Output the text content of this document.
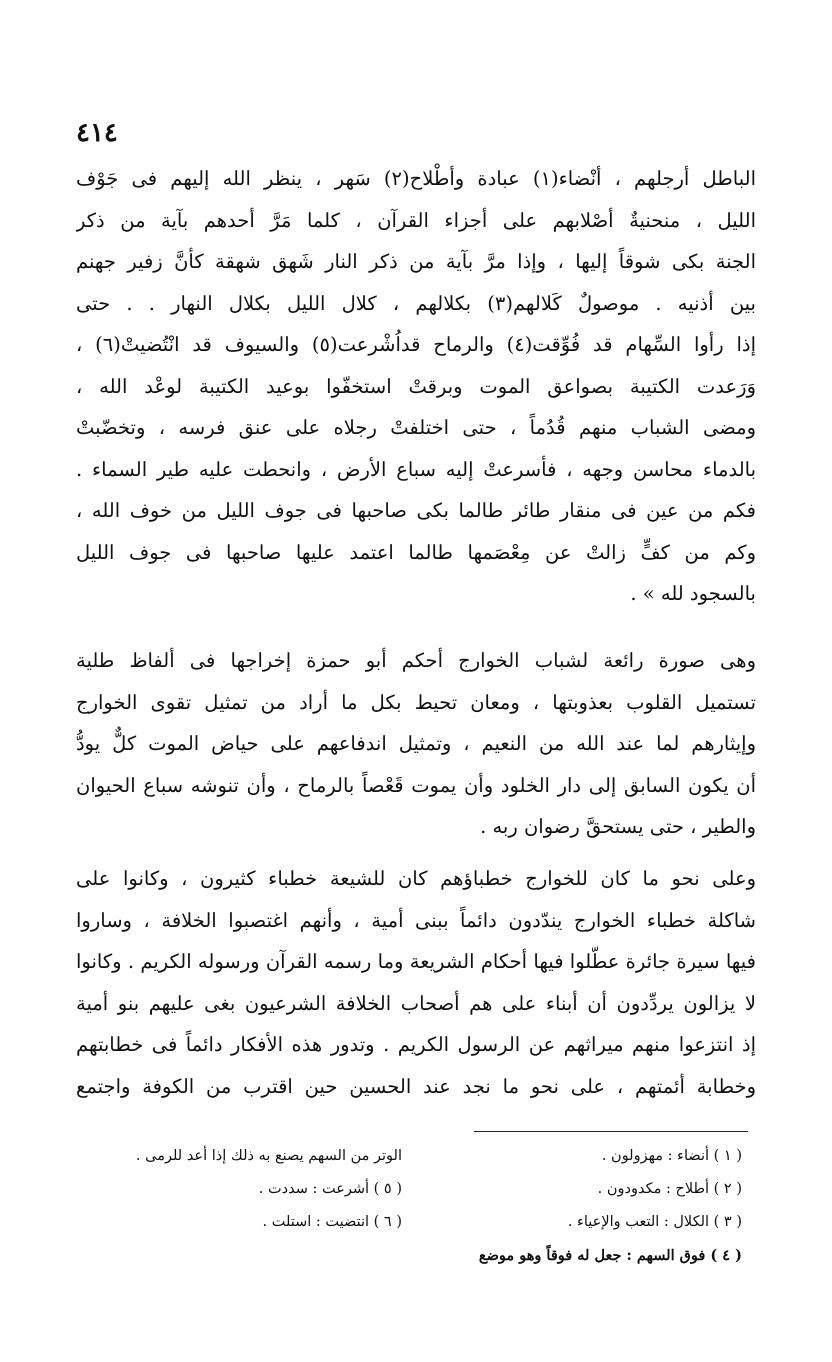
٤١٤
الباطل أرجلهم ، أنْضاء(١) عبادة وأطْلاح(٢) سَهر ، ينظر الله إليهم فى جَوْف
الليل ، منحنيةٌ أصْلابهم على أجزاء القرآن ، كلما مَرَّ أحدهم بآية من ذكر
الجنة بكى شوقاً إليها ، وإذا مرَّ بآية من ذكر النار شَهق شهقة كأنَّ زفير جهنم
بين أذنيه . موصولٌ كَلالهم(٣) بكلالهم ، كلال الليل بكلال النهار . . حتى
إذا رأوا السِّهام قد فُوِّقت(٤) والرماح قداُشْرعت(٥) والسيوف قد انْتُضيتْ(٦) ،
وَرَعدت الكتيبة بصواعق الموت وبرقتْ استخفّوا بوعيد الكتيبة لوعْد الله ،
ومضى الشباب منهم قُدُماً ، حتى اختلفتْ رجلاه على عنق فرسه ، وتخضّبتْ
بالدماء محاسن وجهه ، فأسرعتْ إليه سباع الأرض ، وانحطت عليه طير السماء .
فكم من عين فى منقار طائر طالما بكى صاحبها فى جوف الليل من خوف الله ،
وكم من كفٍّ زالتْ عن مِعْصَمها طالما اعتمد عليها صاحبها فى جوف الليل
بالسجود لله » .
وهى صورة رائعة لشباب الخوارج أحكم أبو حمزة إخراجها فى ألفاظ طلية
تستميل القلوب بعذوبتها ، ومعان تحيط بكل ما أراد من تمثيل تقوى الخوارج
وإيثارهم لما عند الله من النعيم ، وتمثيل اندفاعهم على حياض الموت كلٌّ يودُّ
أن يكون السابق إلى دار الخلود وأن يموت قَعْصاً بالرماح ، وأن تنوشه سباع الحيوان
والطير ، حتى يستحقَّ رضوان ربه .
وعلى نحو ما كان للخوارج خطباؤهم كان للشيعة خطباء كثيرون ، وكانوا على
شاكلة خطباء الخوارج يندّدون دائماً ببنى أمية ، وأنهم اغتصبوا الخلافة ، وساروا
فيها سيرة جائرة عطّلوا فيها أحكام الشريعة وما رسمه القرآن ورسوله الكريم . وكانوا
لا يزالون يردِّدون أن أبناء على هم أصحاب الخلافة الشرعيون بغى عليهم بنو أمية
إذ انتزعوا منهم ميراثهم عن الرسول الكريم . وتدور هذه الأفكار دائماً فى خطابتهم
وخطابة أئمتهم ، على نحو ما نجد عند الحسين حين اقترب من الكوفة واجتمع
( ١ ) أنضاء : مهزولون .
الوتر من السهم يصنع به ذلك إذا أعد للرمى .
( ٢ ) أطلاح : مكدودون .
( ٥ ) أشرعت : سددت .
( ٣ ) الكلال : التعب والإعياء .
( ٦ ) انتضيت : استلت .
( ٤ ) فوق السهم : جعل له فوقاً وهو موضع
